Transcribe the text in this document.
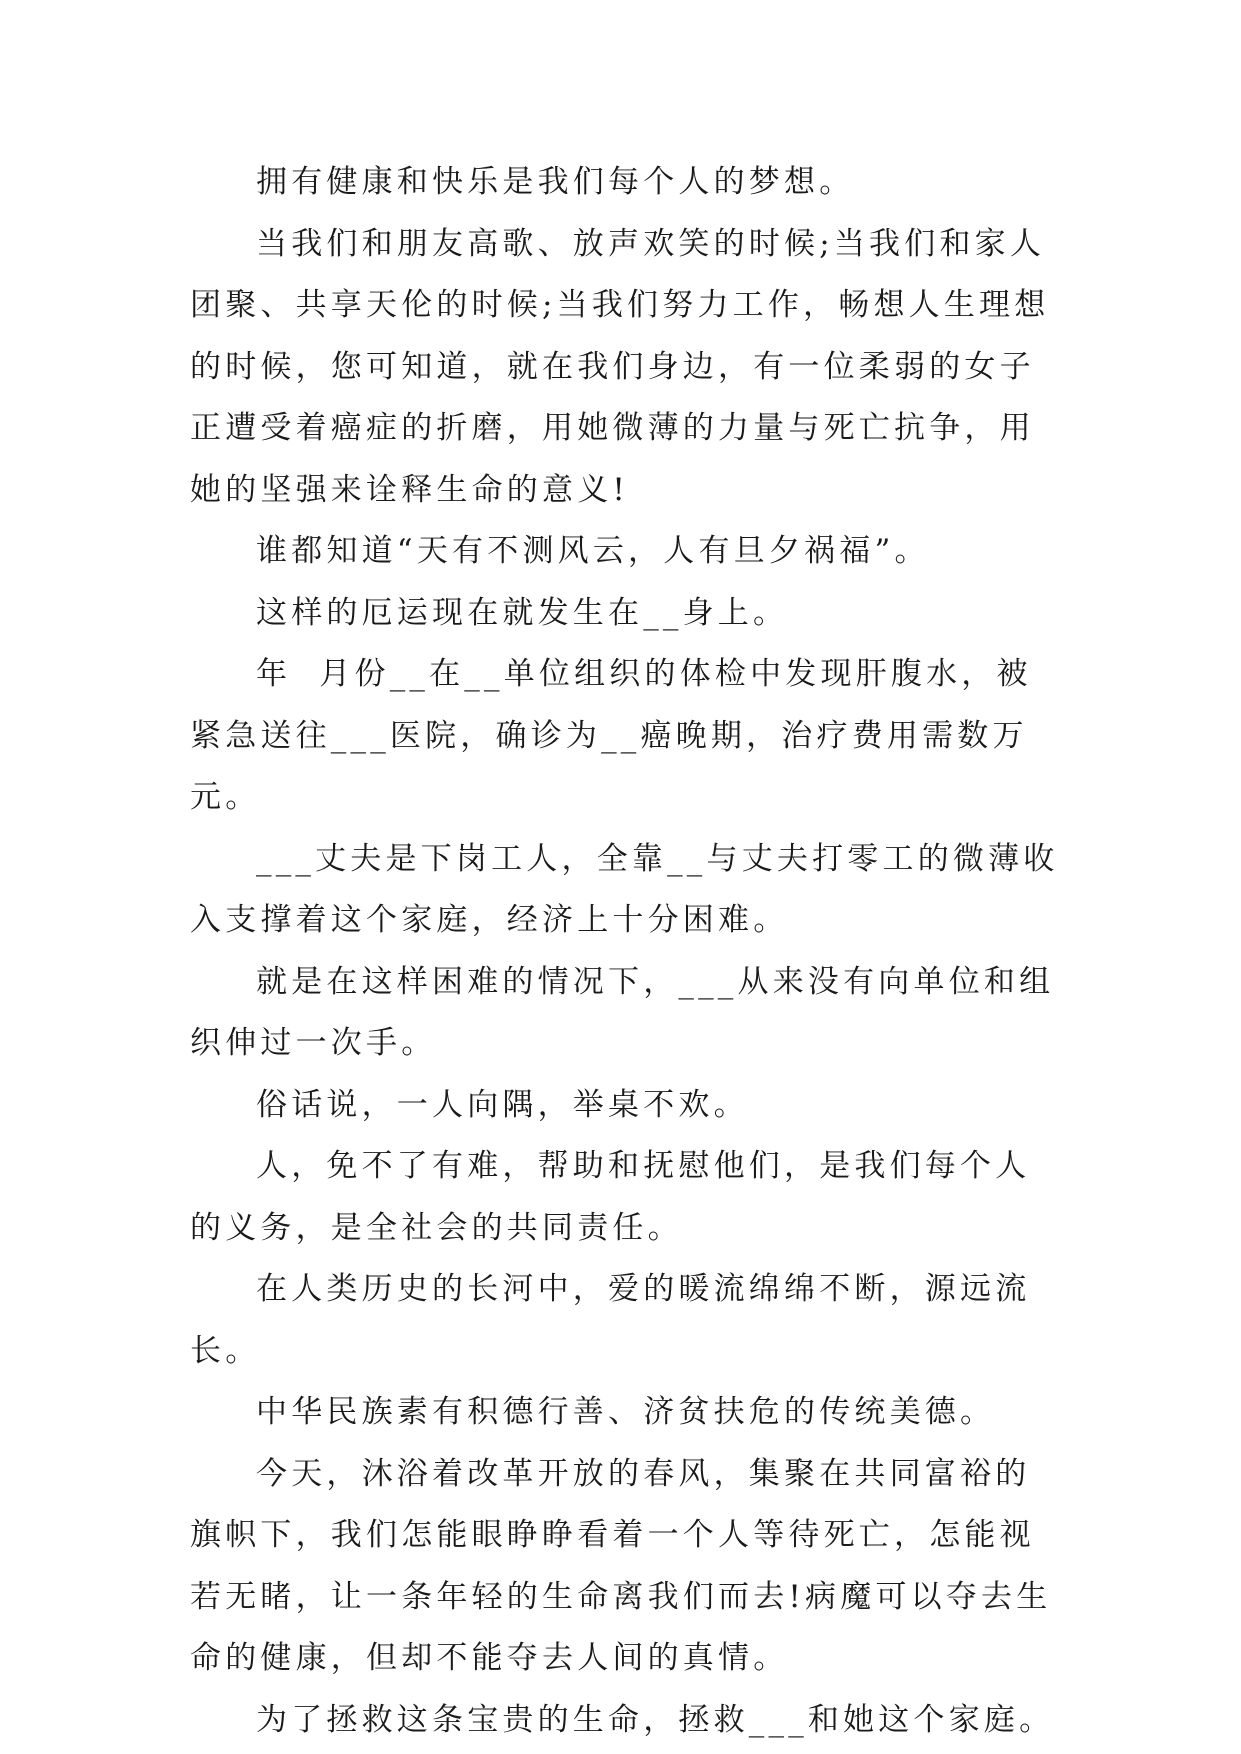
拥有健康和快乐是我们每个人的梦想。

当我们和朋友高歌、放声欢笑的时候;当我们和家人团聚、共享天伦的时候;当我们努力工作，畅想人生理想的时候，您可知道，就在我们身边，有一位柔弱的女子正遭受着癌症的折磨，用她微薄的力量与死亡抗争，用她的坚强来诠释生命的意义!

谁都知道“天有不测风云，人有旦夕祸福”。

这样的厄运现在就发生在__身上。

年  月份__在__单位组织的体检中发现肝腹水，被紧急送往___医院，确诊为__癌晚期，治疗费用需数万元。

___丈夫是下岗工人，全靠__与丈夫打零工的微薄收入支撑着这个家庭，经济上十分困难。

就是在这样困难的情况下，___从来没有向单位和组织伸过一次手。

俗话说，一人向隅，举桌不欢。

人，免不了有难，帮助和抚慰他们，是我们每个人的义务，是全社会的共同责任。

在人类历史的长河中，爱的暖流绵绵不断，源远流长。

中华民族素有积德行善、济贫扶危的传统美德。

今天，沐浴着改革开放的春风，集聚在共同富裕的旗帜下，我们怎能眼睁睁看着一个人等待死亡，怎能视若无睹，让一条年轻的生命离我们而去!病魔可以夺去生命的健康，但却不能夺去人间的真情。

为了拯救这条宝贵的生命，拯救___和她这个家庭。
